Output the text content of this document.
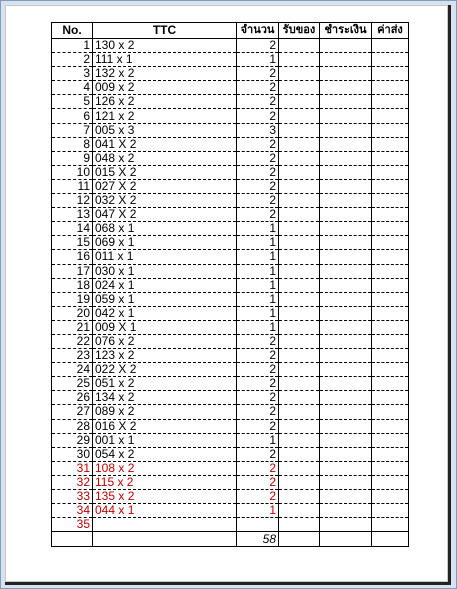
No.	TTC	จำนวน	รับของ	ชำระเงิน	ค่าส่ง
1	130 x 2	2			
2	111 x 1	1			
3	132 x 2	2			
4	009 x 2	2			
5	126 x 2	2			
6	121 x 2	2			
7	005 x 3	3			
8	041 X 2	2			
9	048 x 2	2			
10	015 X 2	2			
11	027 X 2	2			
12	032 X 2	2			
13	047 X 2	2			
14	068 x 1	1			
15	069 x 1	1			
16	011 x 1	1			
17	030 x 1	1			
18	024 x 1	1			
19	059 x 1	1			
20	042 x 1	1			
21	009 X 1	1			
22	076 x 2	2			
23	123 x 2	2			
24	022 X 2	2			
25	051 x 2	2			
26	134 x 2	2			
27	089 x 2	2			
28	016 X 2	2			
29	001 x 1	1			
30	054 x 2	2			
31	108 x 2	2			
32	115 x 2	2			
33	135 x 2	2			
34	044 x 1	1			
35					
		58			
